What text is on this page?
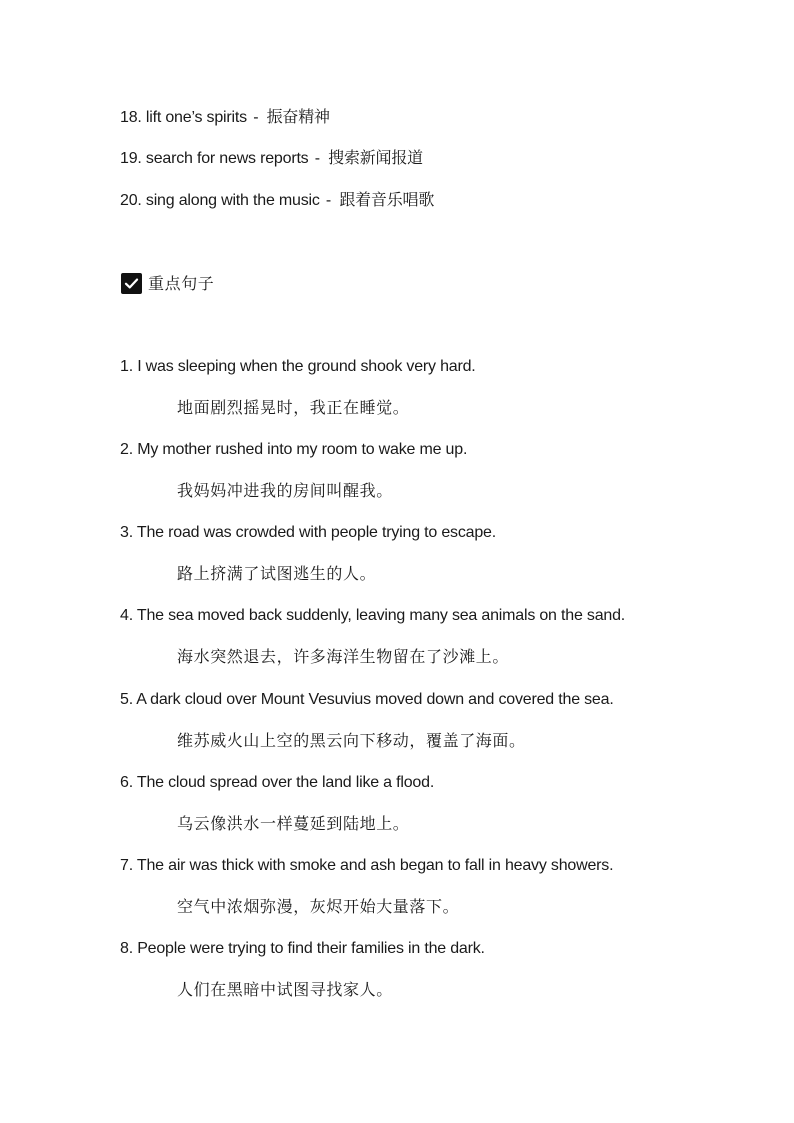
18. lift one’s spirits - 振奋精神
19. search for news reports - 搜索新闻报道
20. sing along with the music - 跟着音乐唱歌
重点句子
1. I was sleeping when the ground shook very hard.
地面剧烈摇晃时，我正在睡觉。
2. My mother rushed into my room to wake me up.
我妈妈冲进我的房间叫醒我。
3. The road was crowded with people trying to escape.
路上挤满了试图逃生的人。
4. The sea moved back suddenly, leaving many sea animals on the sand.
海水突然退去，许多海洋生物留在了沙滩上。
5. A dark cloud over Mount Vesuvius moved down and covered the sea.
维苏威火山上空的黑云向下移动，覆盖了海面。
6. The cloud spread over the land like a flood.
乌云像洪水一样蔓延到陆地上。
7. The air was thick with smoke and ash began to fall in heavy showers.
空气中浓烟弥漫，灰烬开始大量落下。
8. People were trying to find their families in the dark.
人们在黑暗中试图寻找家人。
